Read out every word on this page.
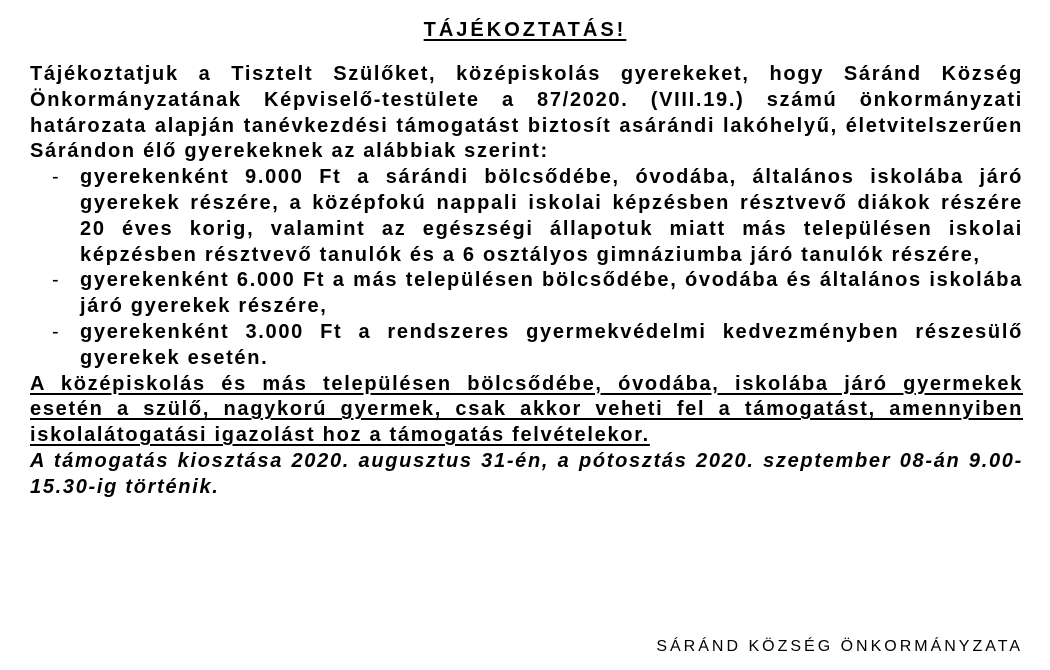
TÁJÉKOZTATÁS!

Tájékoztatjuk a Tisztelt Szülőket, középiskolás gyerekeket, hogy Sáránd Község Önkormányzatának Képviselő-testülete a 87/2020. (VIII.19.) számú önkormányzati határozata alapján tanévkezdési támogatást biztosít asárándi lakóhelyű, életvitelszerűen Sárándon élő gyerekeknek az alábbiak szerint:

- gyerekenként 9.000 Ft a sárándi bölcsődébe, óvodába, általános iskolába járó gyerekek részére, a középfokú nappali iskolai képzésben résztvevő diákok részére 20 éves korig, valamint az egészségi állapotuk miatt más településen iskolai képzésben résztvevő tanulók és a 6 osztályos gimnáziumba járó tanulók részére,
- gyerekenként 6.000 Ft a más településen bölcsődébe, óvodába és általános iskolába járó gyerekek részére,
- gyerekenként 3.000 Ft a rendszeres gyermekvédelmi kedvezményben részesülő gyerekek esetén.

A középiskolás és más településen bölcsődébe, óvodába, iskolába járó gyermekek esetén a szülő, nagykorú gyermek, csak akkor veheti fel a támogatást, amennyiben iskolalátogatási igazolást hoz a támogatás felvételekor.

A támogatás kiosztása 2020. augusztus 31-én, a pótosztás 2020. szeptember 08-án 9.00-15.30-ig történik.

SÁRÁND KÖZSÉG ÖNKORMÁNYZATA
